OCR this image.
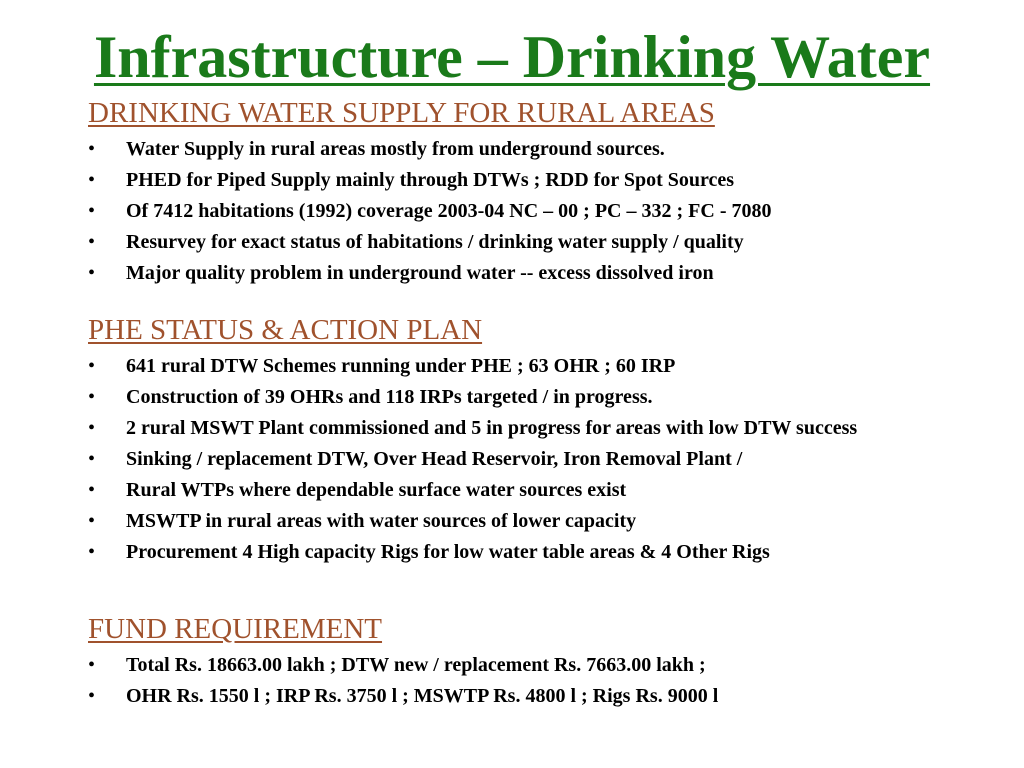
Infrastructure – Drinking Water
DRINKING WATER SUPPLY FOR RURAL AREAS
• Water Supply in rural areas mostly from underground sources.
• PHED for Piped Supply mainly through DTWs ; RDD for Spot Sources
• Of 7412 habitations (1992) coverage 2003-04 NC – 00 ; PC – 332 ; FC - 7080
• Resurvey for exact status of habitations / drinking water supply / quality
• Major quality problem in underground water -- excess dissolved iron
PHE STATUS & ACTION PLAN
• 641 rural DTW Schemes running under PHE ; 63 OHR ; 60 IRP
• Construction of 39 OHRs and 118 IRPs targeted / in progress.
• 2 rural MSWT Plant commissioned and 5 in progress for areas with low DTW success
• Sinking / replacement DTW, Over Head Reservoir, Iron Removal Plant /
• Rural WTPs where dependable surface water sources exist
• MSWTP in rural areas with water sources of lower capacity
• Procurement 4 High capacity Rigs for low water table areas & 4 Other Rigs
FUND REQUIREMENT
• Total Rs. 18663.00 lakh ; DTW new / replacement Rs. 7663.00 lakh ;
• OHR Rs. 1550 l ; IRP Rs. 3750 l ; MSWTP Rs. 4800 l ; Rigs Rs. 9000 l
